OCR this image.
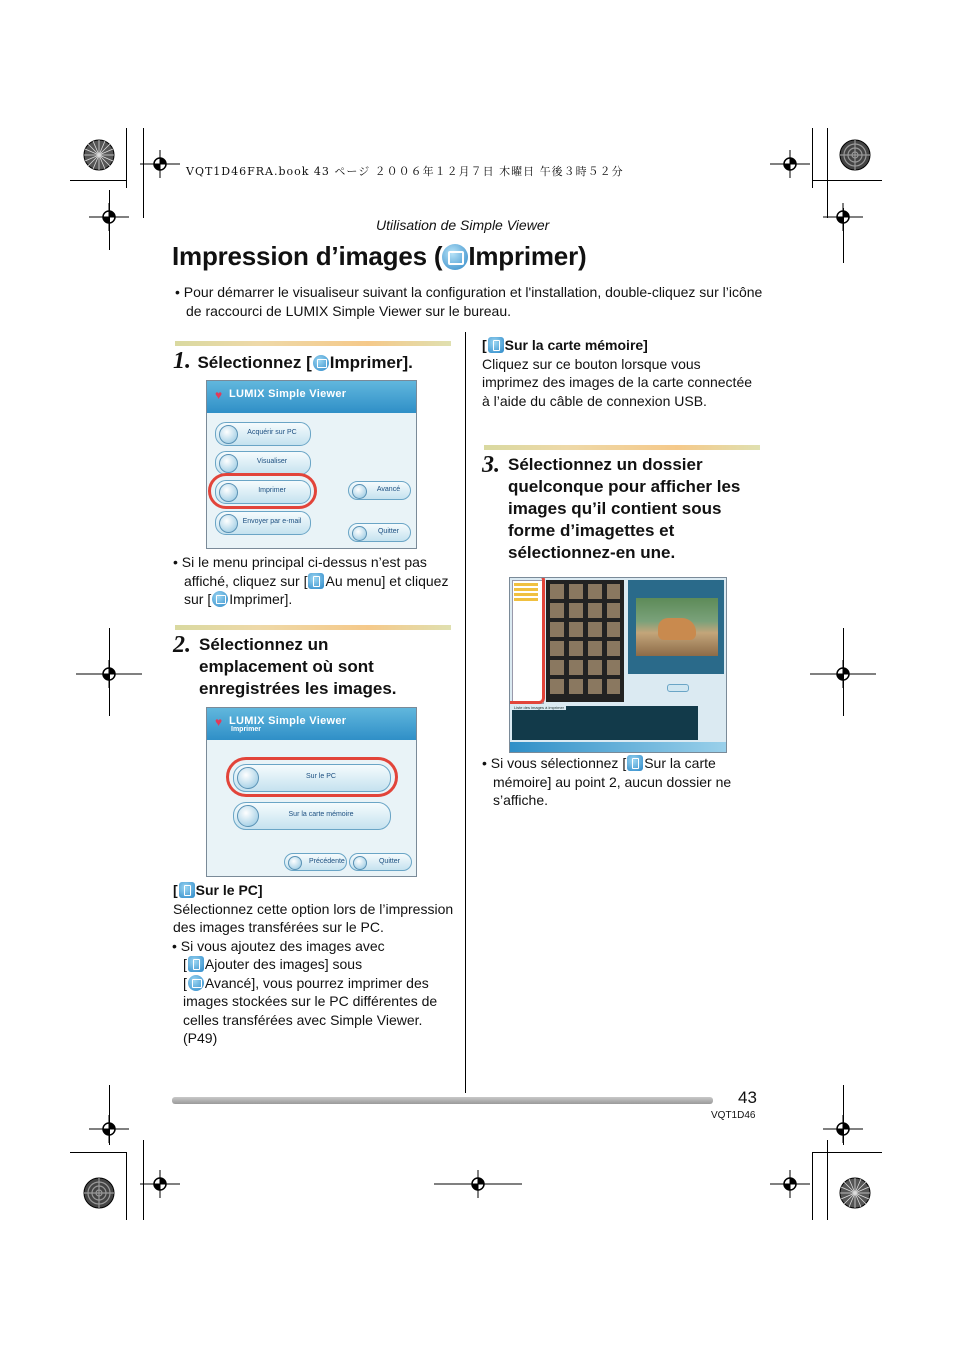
VQT1D46FRA.book 43 ページ ２００６年１２月７日 木曜日 午後３時５２分
Utilisation de Simple Viewer
Impression d’images ( Imprimer)
• Pour démarrer le visualiseur suivant la configuration et l'installation, double-cliquez sur l’icône de raccourci de LUMIX Simple Viewer sur le bureau.
1. Sélectionnez [ Imprimer].
♥ LUMIX Simple Viewer
Acquérir sur PC
Visualiser
Imprimer
Envoyer par e-mail
Avancé
Quitter
• Si le menu principal ci-dessus n’est pas affiché, cliquez sur [ Au menu] et cliquez sur [ Imprimer].
2. Sélectionnez un emplacement où sont enregistrées les images.
♥ LUMIX Simple Viewer
Imprimer
Sur le PC
Sur la carte mémoire
Précédente	Quitter
[ Sur le PC]
Sélectionnez cette option lors de l’impression des images transférées sur le PC.
• Si vous ajoutez des images avec
[ Ajouter des images] sous
[ Avancé], vous pourrez imprimer des images stockées sur le PC différentes de celles transférées avec Simple Viewer. (P49)
[ Sur la carte mémoire]
Cliquez sur ce bouton lorsque vous imprimez des images de la carte connectée à l’aide du câble de connexion USB.
3. Sélectionnez un dossier quelconque pour afficher les images qu’il contient sous forme d’imagettes et sélectionnez-en une.
Liste des images à imprimer
• Si vous sélectionnez [ Sur la carte mémoire] au point 2, aucun dossier ne s’affiche.
43
VQT1D46
